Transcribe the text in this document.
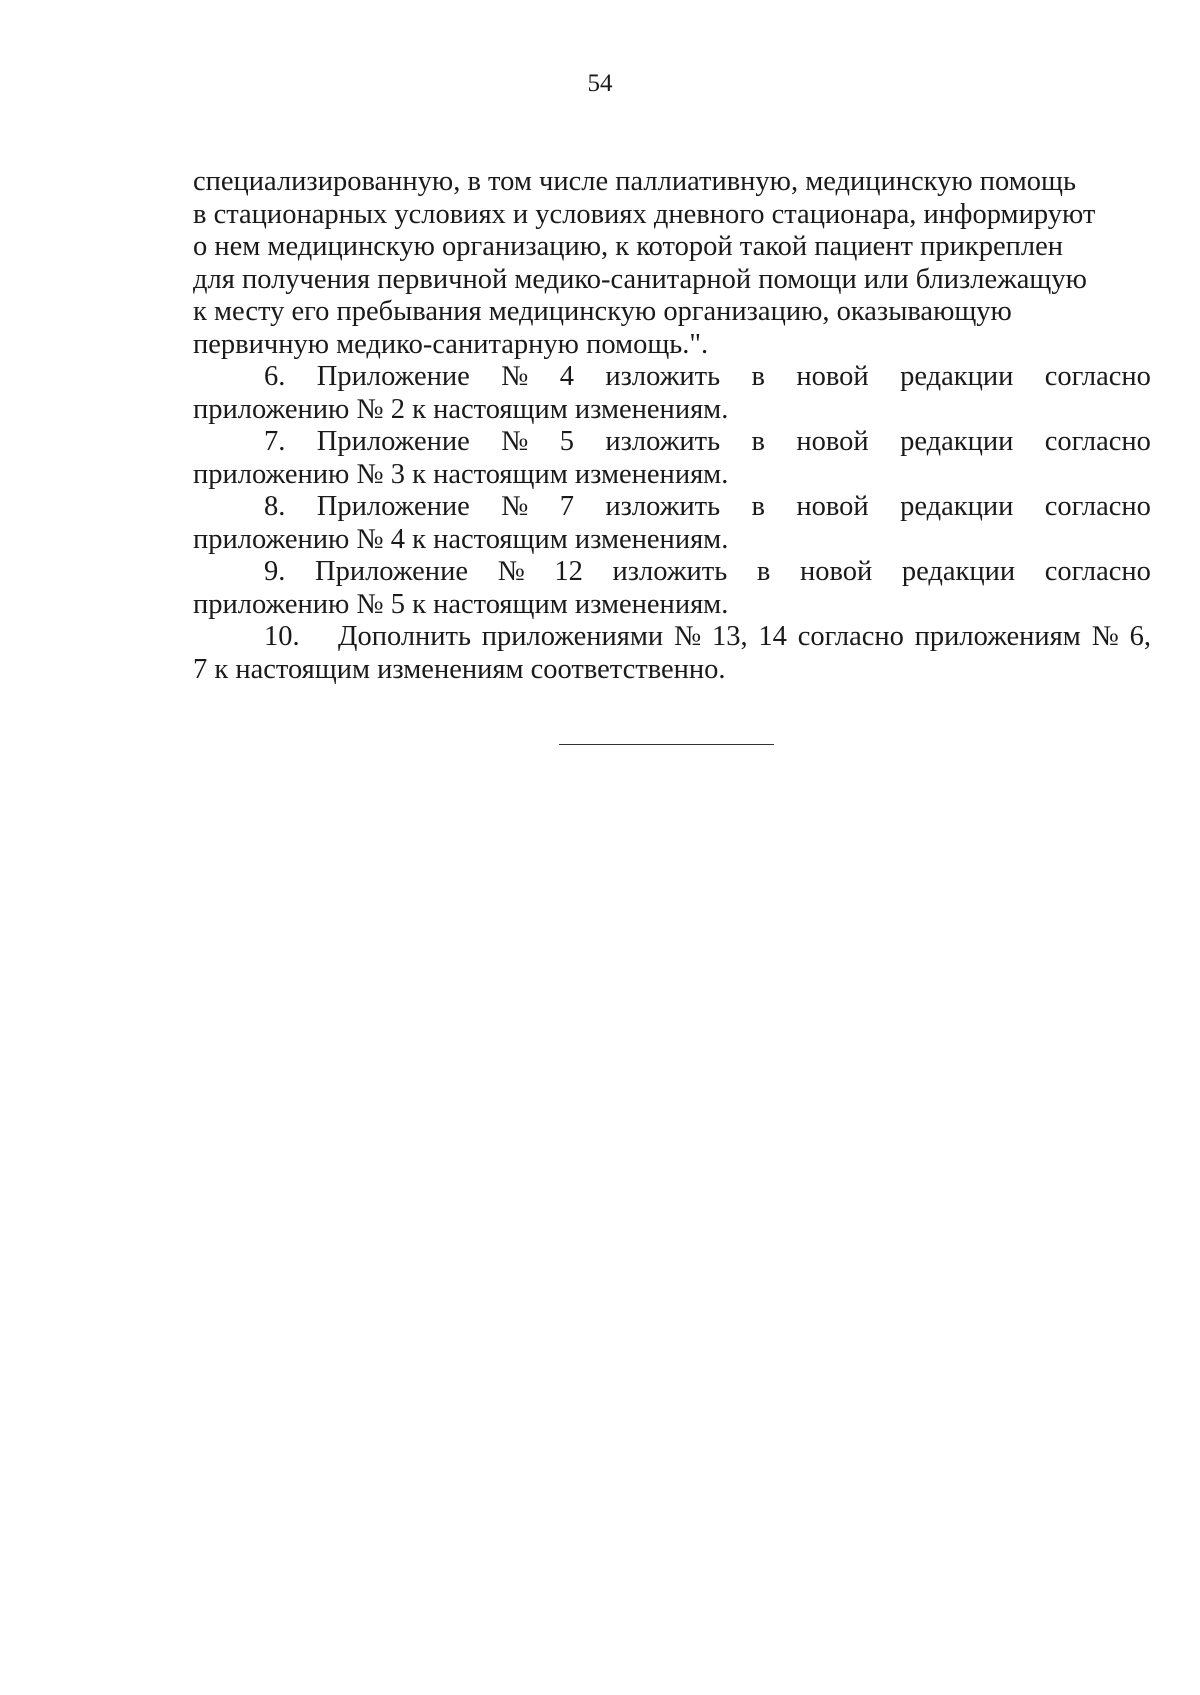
54
специализированную, в том числе паллиативную, медицинскую помощь
в стационарных условиях и условиях дневного стационара, информируют
о нем медицинскую организацию, к которой такой пациент прикреплен
для получения первичной медико-санитарной помощи или близлежащую
к месту его пребывания медицинскую организацию, оказывающую
первичную медико-санитарную помощь.".
6. Приложение № 4 изложить в новой редакции согласно
приложению № 2 к настоящим изменениям.
7. Приложение № 5 изложить в новой редакции согласно
приложению № 3 к настоящим изменениям.
8. Приложение № 7 изложить в новой редакции согласно
приложению № 4 к настоящим изменениям.
9. Приложение № 12 изложить в новой редакции согласно
приложению № 5 к настоящим изменениям.
10.	Дополнить приложениями № 13, 14 согласно приложениям № 6,
7 к настоящим изменениям соответственно.
